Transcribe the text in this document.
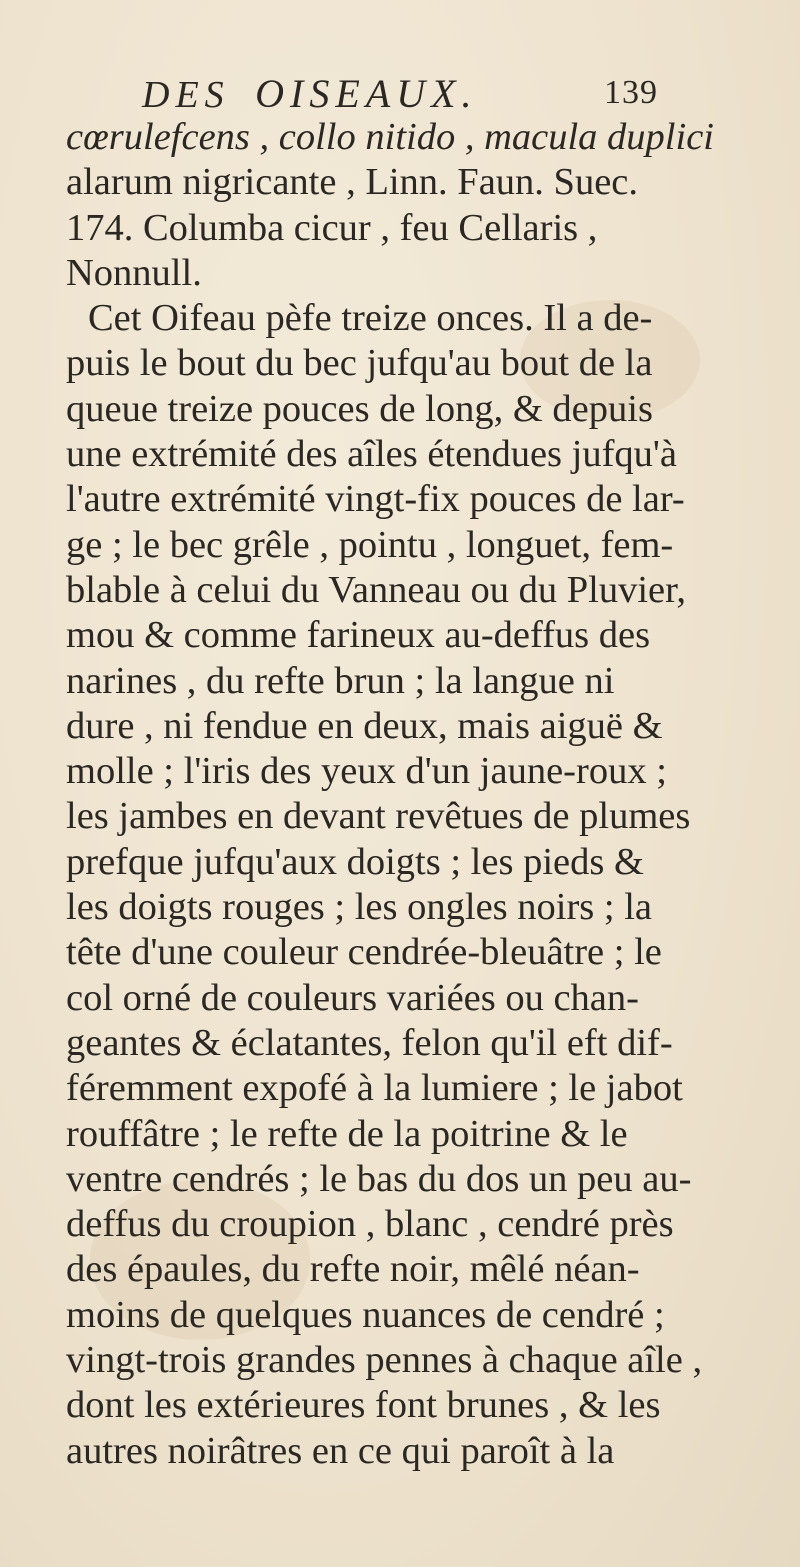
DES OISEAUX.	139
cœrulefcens , collo nitido , macula duplici
alarum nigricante , Linn. Faun. Suec.
174. Columba cicur , feu Cellaris ,
Nonnull.
Cet Oifeau pèfe treize onces. Il a de-
puis le bout du bec jufqu'au bout de la
queue treize pouces de long, & depuis
une extrémité des aîles étendues jufqu'à
l'autre extrémité vingt-fix pouces de lar-
ge ; le bec grêle , pointu , longuet, fem-
blable à celui du Vanneau ou du Pluvier,
mou & comme farineux au-deffus des
narines , du refte brun ; la langue ni
dure , ni fendue en deux, mais aiguë &
molle ; l'iris des yeux d'un jaune-roux ;
les jambes en devant revêtues de plumes
prefque jufqu'aux doigts ; les pieds &
les doigts rouges ; les ongles noirs ; la
tête d'une couleur cendrée-bleuâtre ; le
col orné de couleurs variées ou chan-
geantes & éclatantes, felon qu'il eft dif-
féremment expofé à la lumiere ; le jabot
rouffâtre ; le refte de la poitrine & le
ventre cendrés ; le bas du dos un peu au-
deffus du croupion , blanc , cendré près
des épaules, du refte noir, mêlé néan-
moins de quelques nuances de cendré ;
vingt-trois grandes pennes à chaque aîle ,
dont les extérieures font brunes , & les
autres noirâtres en ce qui paroît à la
